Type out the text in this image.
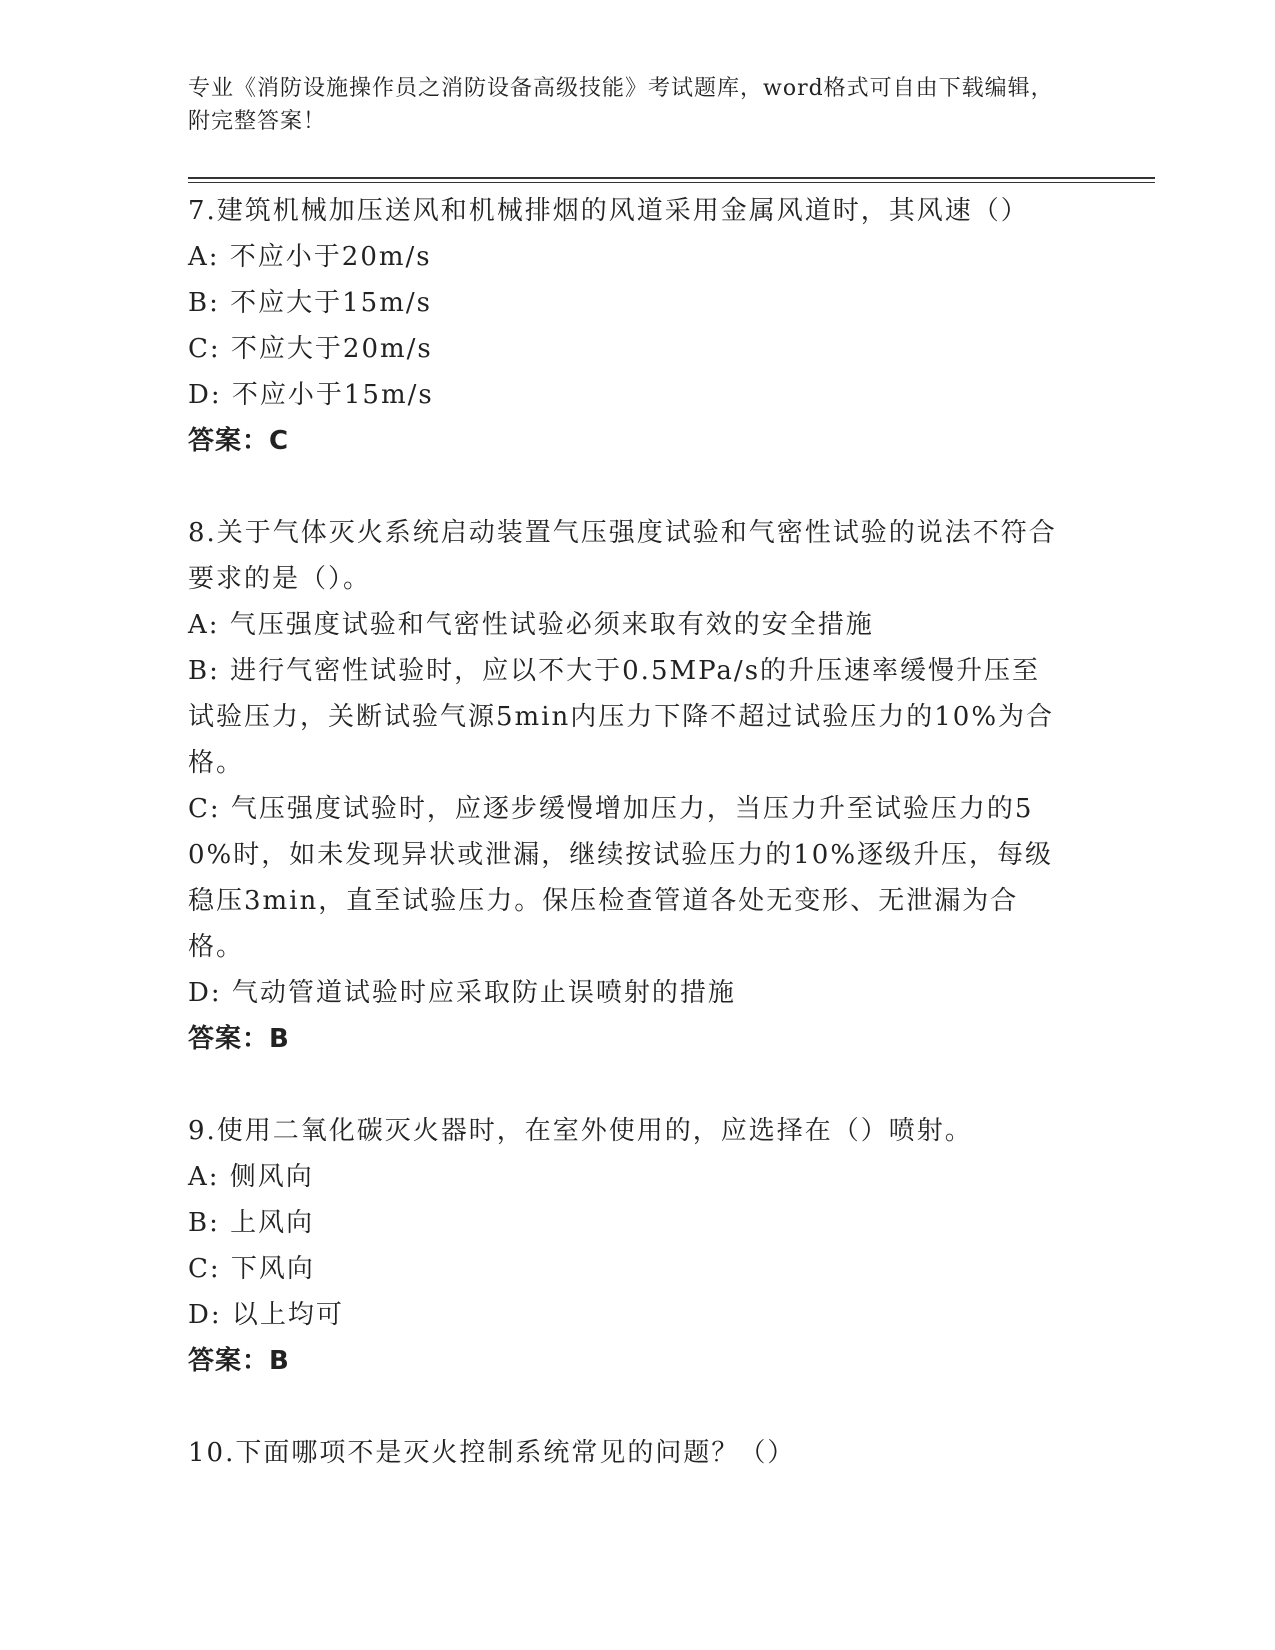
专业《消防设施操作员之消防设备高级技能》考试题库，word格式可自由下载编辑，附完整答案！

7.建筑机械加压送风和机械排烟的风道采用金属风道时，其风速（）

A: 不应小于20m/s

B: 不应大于15m/s

C: 不应大于20m/s

D: 不应小于15m/s

答案：C

8.关于气体灭火系统启动装置气压强度试验和气密性试验的说法不符合要求的是（）。

A: 气压强度试验和气密性试验必须来取有效的安全措施

B: 进行气密性试验时，应以不大于0.5MPa/s的升压速率缓慢升压至试验压力，关断试验气源5min内压力下降不超过试验压力的10%为合格。

C: 气压强度试验时，应逐步缓慢增加压力，当压力升至试验压力的50%时，如未发现异状或泄漏，继续按试验压力的10%逐级升压，每级稳压3min，直至试验压力。保压检查管道各处无变形、无泄漏为合格。

D: 气动管道试验时应采取防止误喷射的措施

答案：B

9.使用二氧化碳灭火器时，在室外使用的，应选择在（）喷射。

A: 侧风向

B: 上风向

C: 下风向

D: 以上均可

答案：B

10.下面哪项不是灭火控制系统常见的问题？（）
